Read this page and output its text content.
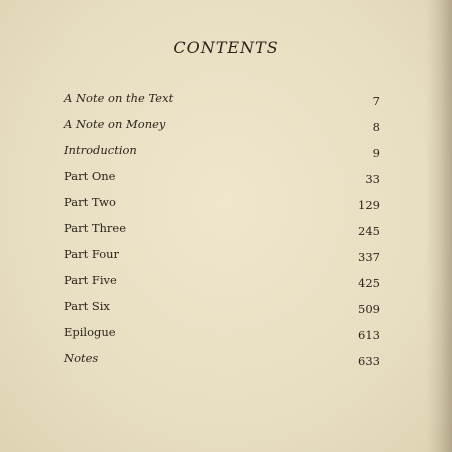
CONTENTS
A Note on the Text	7
A Note on Money	8
Introduction	9
Part One	33
Part Two	129
Part Three	245
Part Four	337
Part Five	425
Part Six	509
Epilogue	613
Notes	633
